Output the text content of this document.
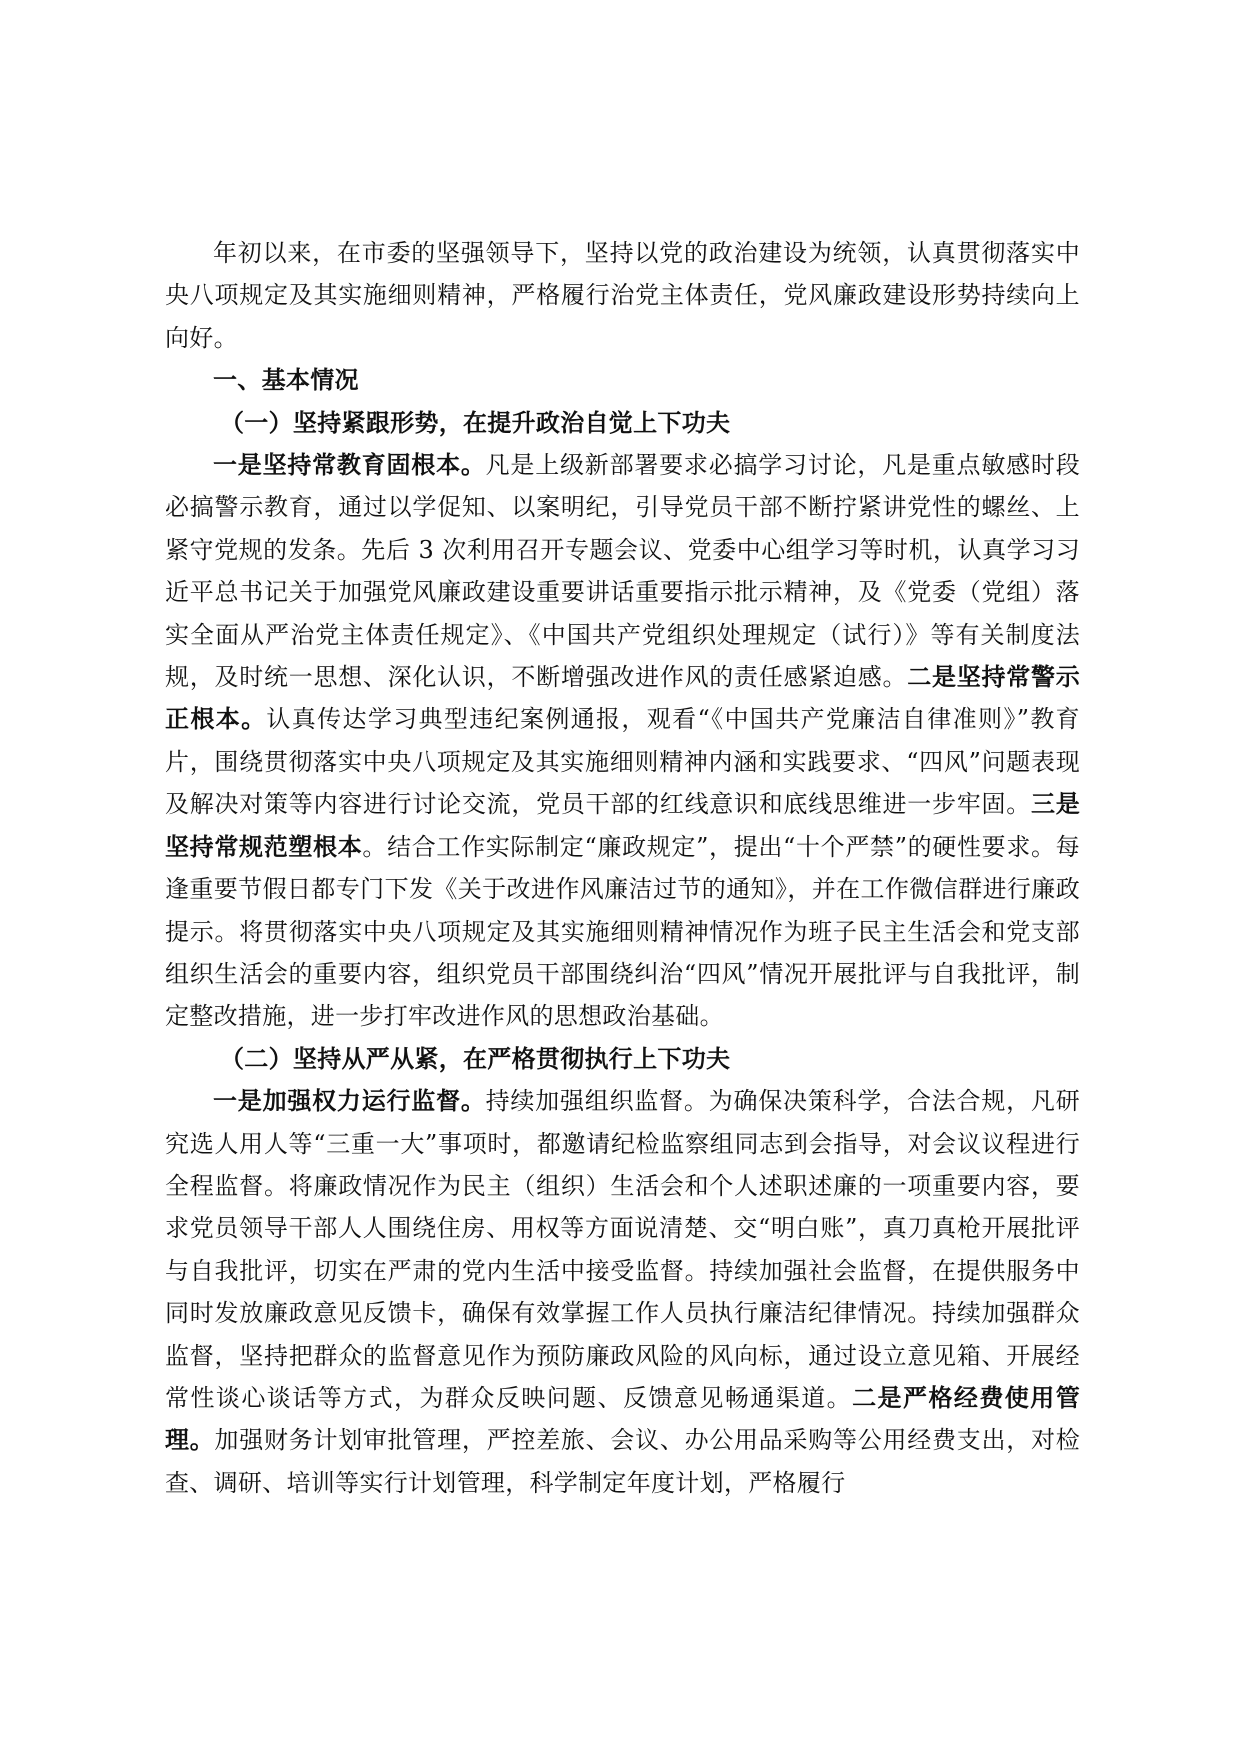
年初以来，在市委的坚强领导下，坚持以党的政治建设为统领，认真贯彻落实中央八项规定及其实施细则精神，严格履行治党主体责任，党风廉政建设形势持续向上向好。

一、基本情况

（一）坚持紧跟形势，在提升政治自觉上下功夫

一是坚持常教育固根本。凡是上级新部署要求必搞学习讨论，凡是重点敏感时段必搞警示教育，通过以学促知、以案明纪，引导党员干部不断拧紧讲党性的螺丝、上紧守党规的发条。先后 3 次利用召开专题会议、党委中心组学习等时机，认真学习习近平总书记关于加强党风廉政建设重要讲话重要指示批示精神，及《党委（党组）落实全面从严治党主体责任规定》、《中国共产党组织处理规定（试行）》等有关制度法规，及时统一思想、深化认识，不断增强改进作风的责任感紧迫感。二是坚持常警示正根本。认真传达学习典型违纪案例通报，观看“《中国共产党廉洁自律准则》”教育片，围绕贯彻落实中央八项规定及其实施细则精神内涵和实践要求、“四风”问题表现及解决对策等内容进行讨论交流，党员干部的红线意识和底线思维进一步牢固。三是坚持常规范塑根本。结合工作实际制定“廉政规定”，提出“十个严禁”的硬性要求。每逢重要节假日都专门下发《关于改进作风廉洁过节的通知》，并在工作微信群进行廉政提示。将贯彻落实中央八项规定及其实施细则精神情况作为班子民主生活会和党支部组织生活会的重要内容，组织党员干部围绕纠治“四风”情况开展批评与自我批评，制定整改措施，进一步打牢改进作风的思想政治基础。

（二）坚持从严从紧，在严格贯彻执行上下功夫

一是加强权力运行监督。持续加强组织监督。为确保决策科学，合法合规，凡研究选人用人等“三重一大”事项时，都邀请纪检监察组同志到会指导，对会议议程进行全程监督。将廉政情况作为民主（组织）生活会和个人述职述廉的一项重要内容，要求党员领导干部人人围绕住房、用权等方面说清楚、交“明白账”，真刀真枪开展批评与自我批评，切实在严肃的党内生活中接受监督。持续加强社会监督，在提供服务中同时发放廉政意见反馈卡，确保有效掌握工作人员执行廉洁纪律情况。持续加强群众监督，坚持把群众的监督意见作为预防廉政风险的风向标，通过设立意见箱、开展经常性谈心谈话等方式，为群众反映问题、反馈意见畅通渠道。二是严格经费使用管理。加强财务计划审批管理，严控差旅、会议、办公用品采购等公用经费支出，对检查、调研、培训等实行计划管理，科学制定年度计划，严格履行
